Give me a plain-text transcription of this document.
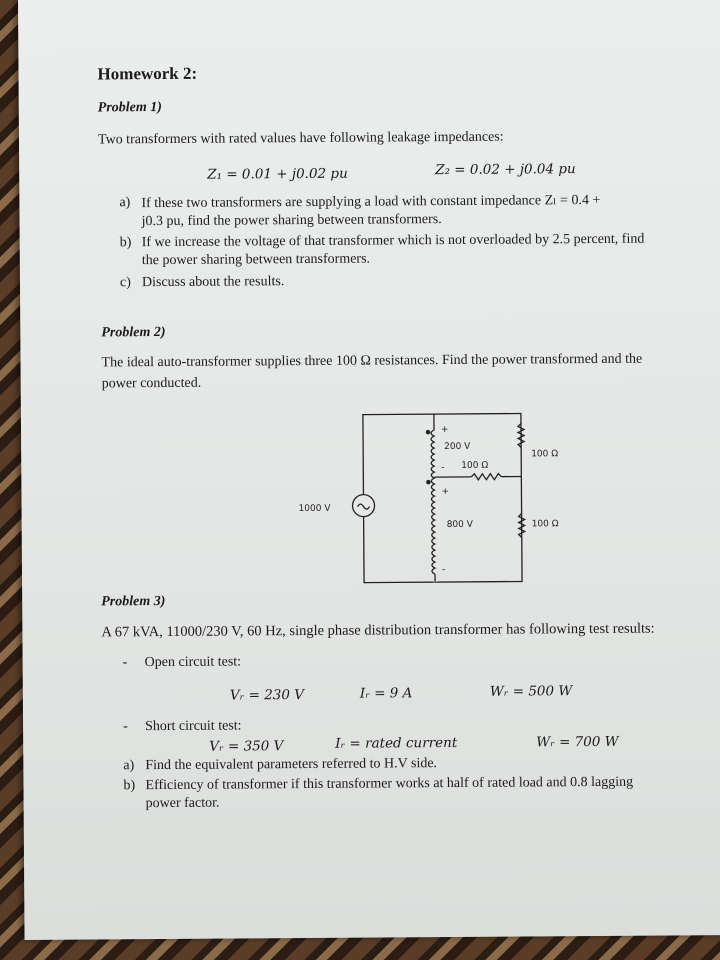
Homework 2:
Problem 1)
Two transformers with rated values have following leakage impedances:
Z₁ = 0.01 + j0.02 pu	Z₂ = 0.02 + j0.04 pu
a) If these two transformers are supplying a load with constant impedance Zₗ = 0.4 +
j0.3 pu, find the power sharing between transformers.
b) If we increase the voltage of that transformer which is not overloaded by 2.5 percent, find
the power sharing between transformers.
c) Discuss about the results.
Problem 2)
The ideal auto-transformer supplies three 100 Ω resistances. Find the power transformed and the
power conducted.
+
200 V
- 100 Ω
+
800 V
-
100 Ω
100 Ω
1000 V
Problem 3)
A 67 kVA, 11000/230 V, 60 Hz, single phase distribution transformer has following test results:
- Open circuit test:
Vᵣ = 230 V	Iᵣ = 9 A	Wᵣ = 500 W
- Short circuit test:
Vᵣ = 350 V	Iᵣ = rated current	Wᵣ = 700 W
a) Find the equivalent parameters referred to H.V side.
b) Efficiency of transformer if this transformer works at half of rated load and 0.8 lagging
power factor.
